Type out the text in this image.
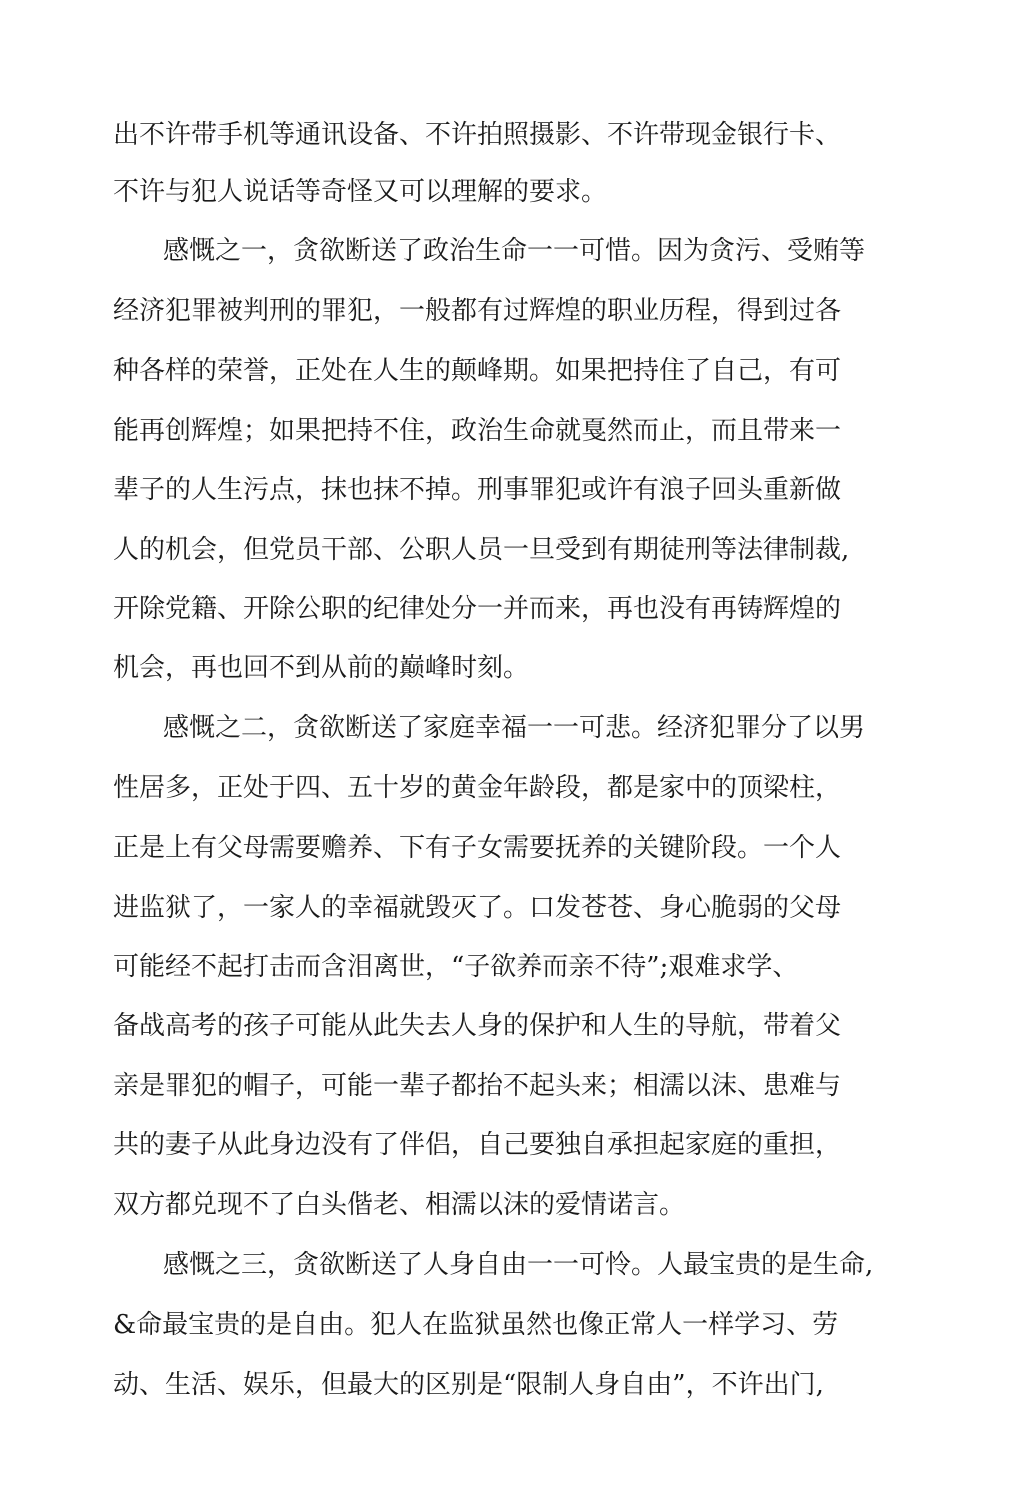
出不许带手机等通讯设备、不许拍照摄影、不许带现金银行卡、
不许与犯人说话等奇怪又可以理解的要求。
感慨之一，贪欲断送了政治生命一一可惜。因为贪污、受贿等
经济犯罪被判刑的罪犯，一般都有过辉煌的职业历程，得到过各
种各样的荣誉，正处在人生的颠峰期。如果把持住了自己，有可
能再创辉煌；如果把持不住，政治生命就戛然而止，而且带来一
辈子的人生污点，抹也抹不掉。刑事罪犯或许有浪子回头重新做
人的机会，但党员干部、公职人员一旦受到有期徒刑等法律制裁,
开除党籍、开除公职的纪律处分一并而来，再也没有再铸辉煌的
机会，再也回不到从前的巅峰时刻。
感慨之二，贪欲断送了家庭幸福一一可悲。经济犯罪分了以男
性居多，正处于四、五十岁的黄金年龄段，都是家中的顶梁柱，
正是上有父母需要赡养、下有子女需要抚养的关键阶段。一个人
进监狱了，一家人的幸福就毁灭了。口发苍苍、身心脆弱的父母
可能经不起打击而含泪离世，“子欲养而亲不待”;艰难求学、
备战高考的孩子可能从此失去人身的保护和人生的导航，带着父
亲是罪犯的帽子，可能一辈子都抬不起头来；相濡以沫、患难与
共的妻子从此身边没有了伴侣，自己要独自承担起家庭的重担，
双方都兑现不了白头偕老、相濡以沫的爱情诺言。
感慨之三，贪欲断送了人身自由一一可怜。人最宝贵的是生命,
&命最宝贵的是自由。犯人在监狱虽然也像正常人一样学习、劳
动、生活、娱乐，但最大的区别是“限制人身自由”，不许出门,
